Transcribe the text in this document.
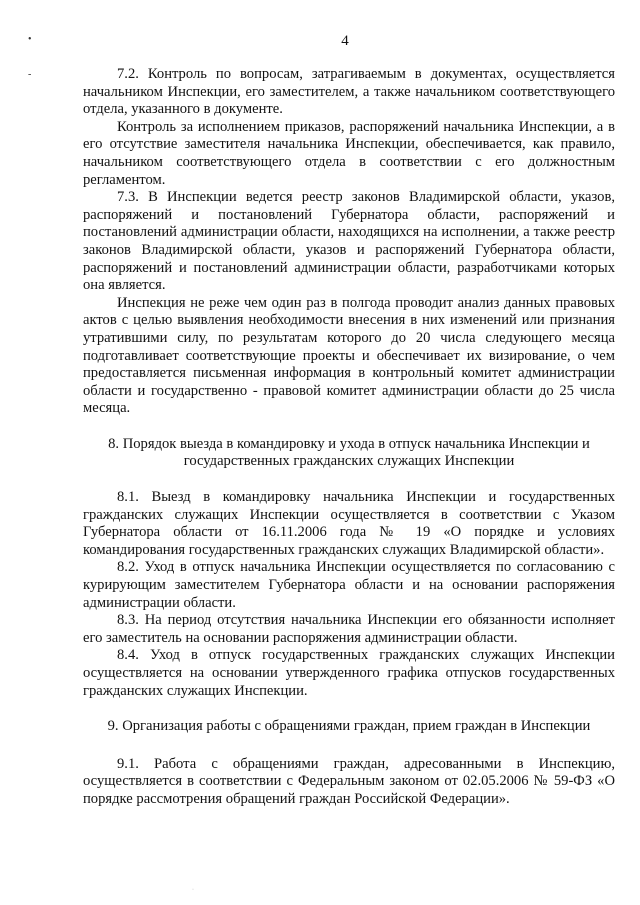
•
-
·
4

7.2. Контроль по вопросам, затрагиваемым в документах, осуществляется начальником Инспекции, его заместителем, а также начальником соответствующего отдела, указанного в документе.

Контроль за исполнением приказов, распоряжений начальника Инспекции, а в его отсутствие заместителя начальника Инспекции, обеспечивается, как правило, начальником соответствующего отдела в соответствии с его должностным регламентом.

7.3. В Инспекции ведется реестр законов Владимирской области, указов, распоряжений и постановлений Губернатора области, распоряжений и постановлений администрации области, находящихся на исполнении, а также реестр законов Владимирской области, указов и распоряжений Губернатора области, распоряжений и постановлений администрации области, разработчиками которых она является.

Инспекция не реже чем один раз в полгода проводит анализ данных правовых актов с целью выявления необходимости внесения в них изменений или признания утратившими силу, по результатам которого до 20 числа следующего месяца подготавливает соответствующие проекты и обеспечивает их визирование, о чем предоставляется письменная информация в контрольный комитет администрации области и государственно - правовой комитет администрации области до 25 числа месяца.

8. Порядок выезда в командировку и ухода в отпуск начальника Инспекции и государственных гражданских служащих Инспекции

8.1. Выезд в командировку начальника Инспекции и государственных гражданских служащих Инспекции осуществляется в соответствии с Указом Губернатора области от 16.11.2006 года № 19 «О порядке и условиях командирования государственных гражданских служащих Владимирской области».

8.2. Уход в отпуск начальника Инспекции осуществляется по согласованию с курирующим заместителем Губернатора области и на основании распоряжения администрации области.

8.3. На период отсутствия начальника Инспекции его обязанности исполняет его заместитель на основании распоряжения администрации области.

8.4. Уход в отпуск государственных гражданских служащих Инспекции осуществляется на основании утвержденного графика отпусков государственных гражданских служащих Инспекции.

9. Организация работы с обращениями граждан, прием граждан в Инспекции

9.1. Работа с обращениями граждан, адресованными в Инспекцию, осуществляется в соответствии с Федеральным законом от 02.05.2006 № 59-ФЗ «О порядке рассмотрения обращений граждан Российской Федерации».
